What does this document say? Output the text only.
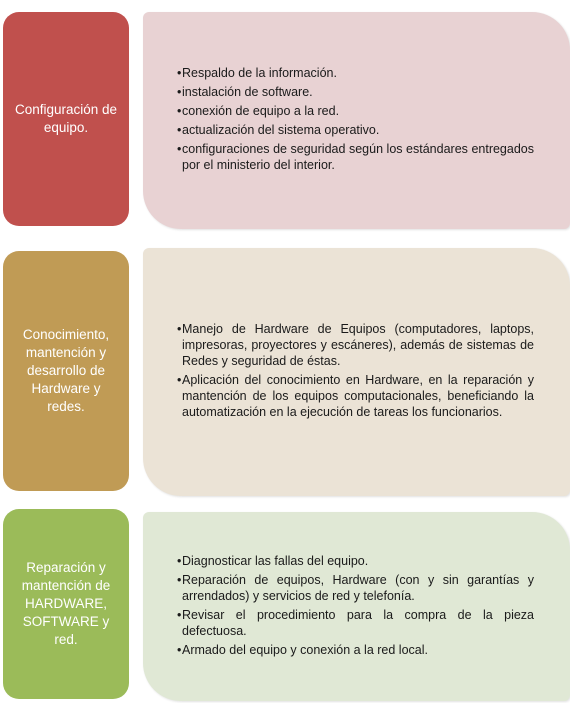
Configuración de equipo.
•Respaldo de la información.
•instalación de software.
•conexión de equipo a la red.
•actualización del sistema operativo.
•configuraciones de seguridad según los estándares entregados por el ministerio del interior.
Conocimiento, mantención y desarrollo de Hardware y redes.
•Manejo de Hardware de Equipos (computadores, laptops, impresoras, proyectores y escáneres), además de sistemas de Redes y seguridad de éstas.
•Aplicación del conocimiento en Hardware, en la reparación y mantención de los equipos computacionales, beneficiando la automatización en la ejecución de tareas los funcionarios.
Reparación y mantención de HARDWARE, SOFTWARE y red.
•Diagnosticar las fallas del equipo.
•Reparación de equipos, Hardware (con y sin garantías y arrendados) y servicios de red y telefonía.
•Revisar el procedimiento para la compra de la pieza defectuosa.
•Armado del equipo y conexión a la red local.
